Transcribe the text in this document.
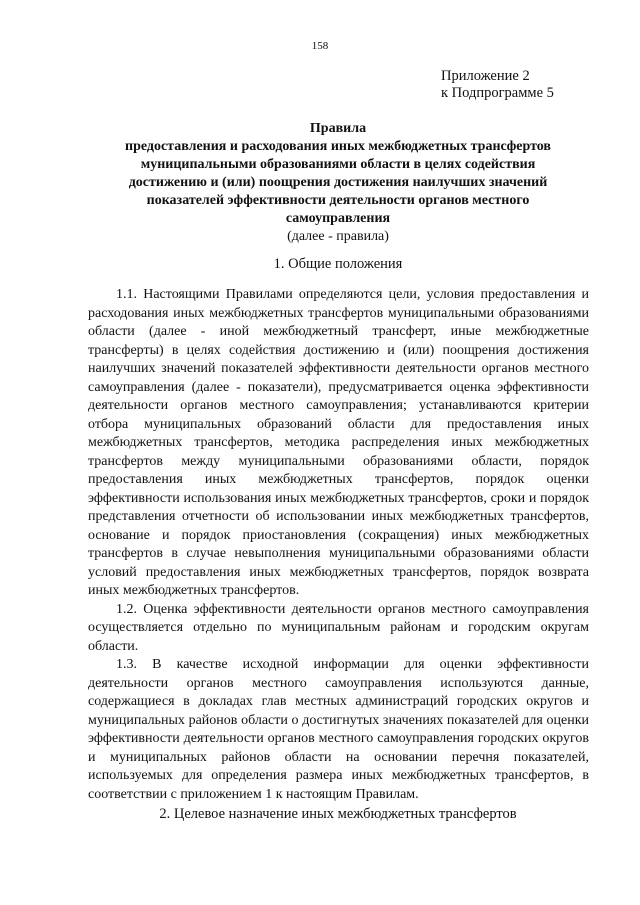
158
Приложение 2
к Подпрограмме 5
Правила
предоставления и расходования иных межбюджетных трансфертов муниципальными образованиями области в целях содействия достижению и (или) поощрения достижения наилучших значений показателей эффективности деятельности органов местного самоуправления
(далее - правила)
1. Общие положения

1.1. Настоящими Правилами определяются цели, условия предоставления и расходования иных межбюджетных трансфертов муниципальными образованиями области (далее - иной межбюджетный трансферт, иные межбюджетные трансферты) в целях содействия достижению и (или) поощрения достижения наилучших значений показателей эффективности деятельности органов местного самоуправления (далее - показатели), предусматривается оценка эффективности деятельности органов местного самоуправления; устанавливаются критерии отбора муниципальных образований области для предоставления иных межбюджетных трансфертов, методика распределения иных межбюджетных трансфертов между муниципальными образованиями области, порядок предоставления иных межбюджетных трансфертов, порядок оценки эффективности использования иных межбюджетных трансфертов, сроки и порядок представления отчетности об использовании иных межбюджетных трансфертов, основание и порядок приостановления (сокращения) иных межбюджетных трансфертов в случае невыполнения муниципальными образованиями области условий предоставления иных межбюджетных трансфертов, порядок возврата иных межбюджетных трансфертов.

1.2. Оценка эффективности деятельности органов местного самоуправления осуществляется отдельно по муниципальным районам и городским округам области.

1.3. В качестве исходной информации для оценки эффективности деятельности органов местного самоуправления используются данные, содержащиеся в докладах глав местных администраций городских округов и муниципальных районов области о достигнутых значениях показателей для оценки эффективности деятельности органов местного самоуправления городских округов и муниципальных районов области на основании перечня показателей, используемых для определения размера иных межбюджетных трансфертов, в соответствии с приложением 1 к настоящим Правилам.

2. Целевое назначение иных межбюджетных трансфертов
